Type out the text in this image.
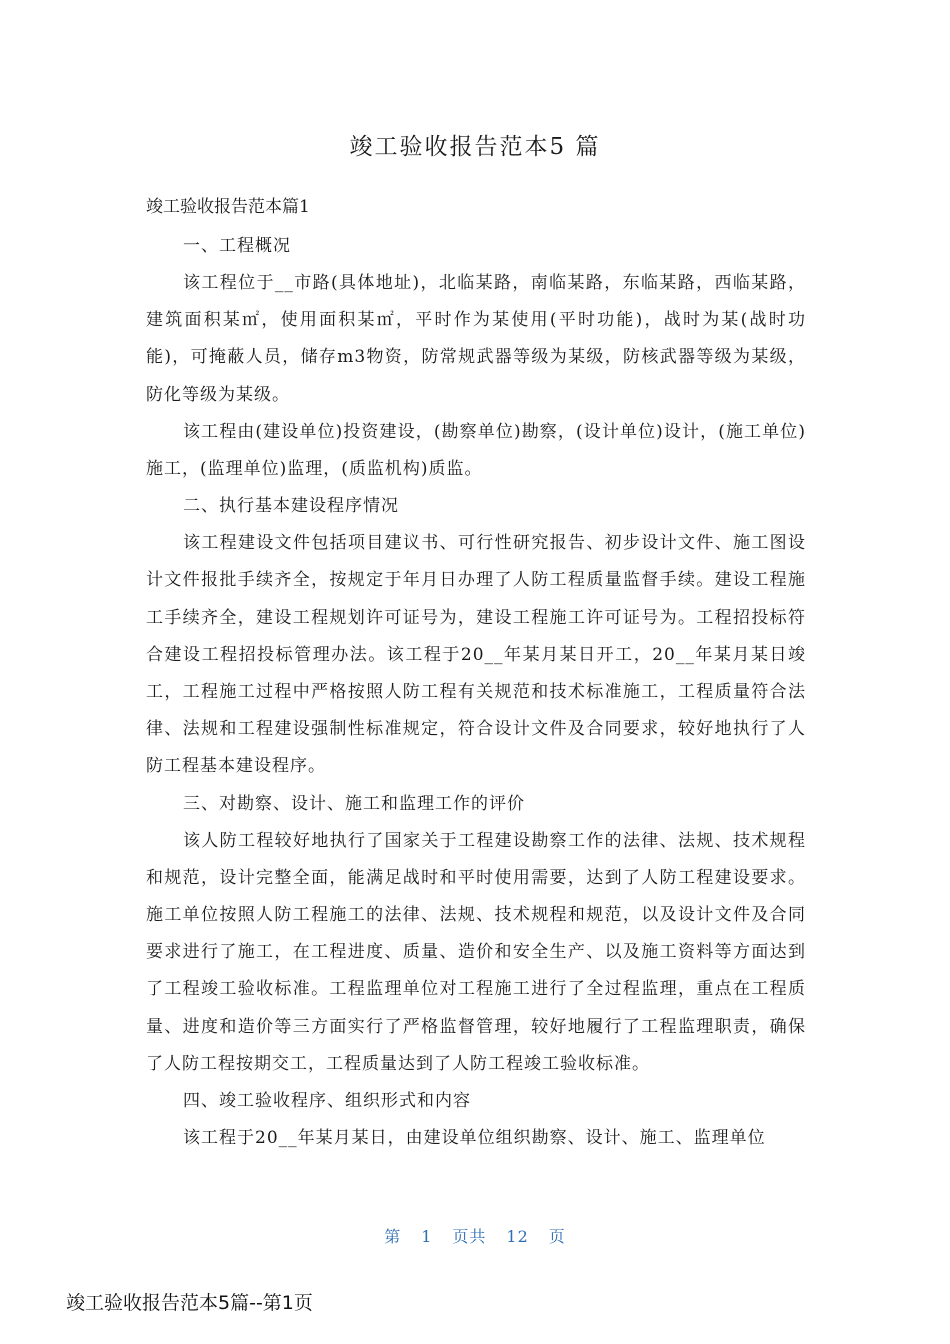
竣工验收报告范本5 篇

竣工验收报告范本篇1

一、工程概况

该工程位于__市路(具体地址)，北临某路，南临某路，东临某路，西临某路，建筑面积某㎡，使用面积某㎡，平时作为某使用(平时功能)，战时为某(战时功能)，可掩蔽人员，储存m3物资，防常规武器等级为某级，防核武器等级为某级，防化等级为某级。

该工程由(建设单位)投资建设，(勘察单位)勘察，(设计单位)设计，(施工单位)施工，(监理单位)监理，(质监机构)质监。

二、执行基本建设程序情况

该工程建设文件包括项目建议书、可行性研究报告、初步设计文件、施工图设计文件报批手续齐全，按规定于年月日办理了人防工程质量监督手续。建设工程施工手续齐全，建设工程规划许可证号为，建设工程施工许可证号为。工程招投标符合建设工程招投标管理办法。该工程于20__年某月某日开工，20__年某月某日竣工，工程施工过程中严格按照人防工程有关规范和技术标准施工，工程质量符合法律、法规和工程建设强制性标准规定，符合设计文件及合同要求，较好地执行了人防工程基本建设程序。

三、对勘察、设计、施工和监理工作的评价

该人防工程较好地执行了国家关于工程建设勘察工作的法律、法规、技术规程和规范，设计完整全面，能满足战时和平时使用需要，达到了人防工程建设要求。施工单位按照人防工程施工的法律、法规、技术规程和规范，以及设计文件及合同要求进行了施工，在工程进度、质量、造价和安全生产、以及施工资料等方面达到了工程竣工验收标准。工程监理单位对工程施工进行了全过程监理，重点在工程质量、进度和造价等三方面实行了严格监督管理，较好地履行了工程监理职责，确保了人防工程按期交工，工程质量达到了人防工程竣工验收标准。

四、竣工验收程序、组织形式和内容

该工程于20__年某月某日，由建设单位组织勘察、设计、施工、监理单位

第 1 页共 12 页
竣工验收报告范本5篇--第1页
